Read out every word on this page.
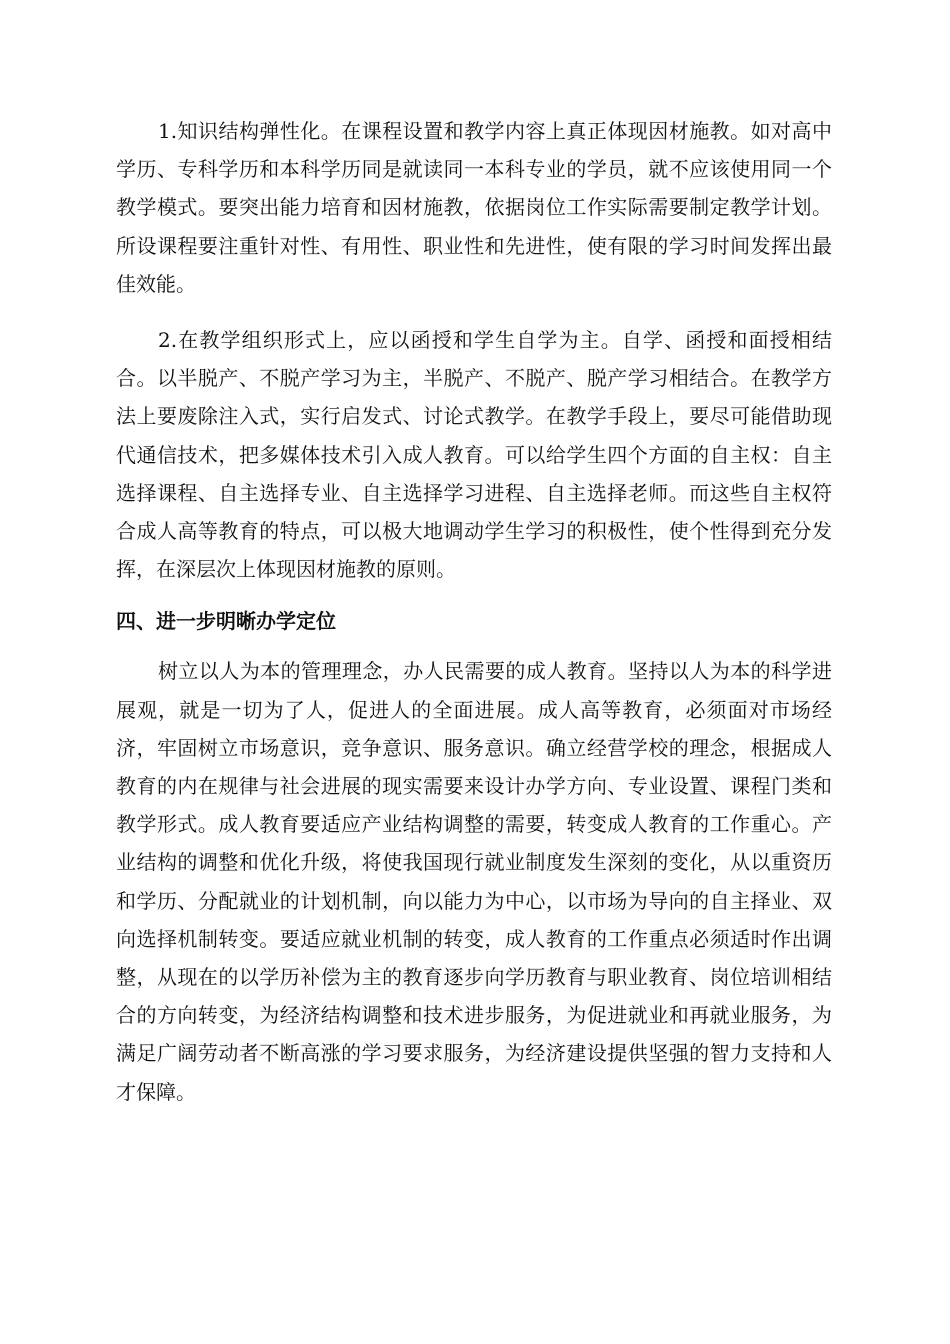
1.知识结构弹性化。在课程设置和教学内容上真正体现因材施教。如对高中学历、专科学历和本科学历同是就读同一本科专业的学员，就不应该使用同一个教学模式。要突出能力培育和因材施教，依据岗位工作实际需要制定教学计划。所设课程要注重针对性、有用性、职业性和先进性，使有限的学习时间发挥出最佳效能。

2.在教学组织形式上，应以函授和学生自学为主。自学、函授和面授相结合。以半脱产、不脱产学习为主，半脱产、不脱产、脱产学习相结合。在教学方法上要废除注入式，实行启发式、讨论式教学。在教学手段上，要尽可能借助现代通信技术，把多媒体技术引入成人教育。可以给学生四个方面的自主权：自主选择课程、自主选择专业、自主选择学习进程、自主选择老师。而这些自主权符合成人高等教育的特点，可以极大地调动学生学习的积极性，使个性得到充分发挥，在深层次上体现因材施教的原则。

四、进一步明晰办学定位

树立以人为本的管理理念，办人民需要的成人教育。坚持以人为本的科学进展观，就是一切为了人，促进人的全面进展。成人高等教育，必须面对市场经济，牢固树立市场意识，竞争意识、服务意识。确立经营学校的理念，根据成人教育的内在规律与社会进展的现实需要来设计办学方向、专业设置、课程门类和教学形式。成人教育要适应产业结构调整的需要，转变成人教育的工作重心。产业结构的调整和优化升级，将使我国现行就业制度发生深刻的变化，从以重资历和学历、分配就业的计划机制，向以能力为中心，以市场为导向的自主择业、双向选择机制转变。要适应就业机制的转变，成人教育的工作重点必须适时作出调整，从现在的以学历补偿为主的教育逐步向学历教育与职业教育、岗位培训相结合的方向转变，为经济结构调整和技术进步服务，为促进就业和再就业服务，为满足广阔劳动者不断高涨的学习要求服务，为经济建设提供坚强的智力支持和人才保障。
